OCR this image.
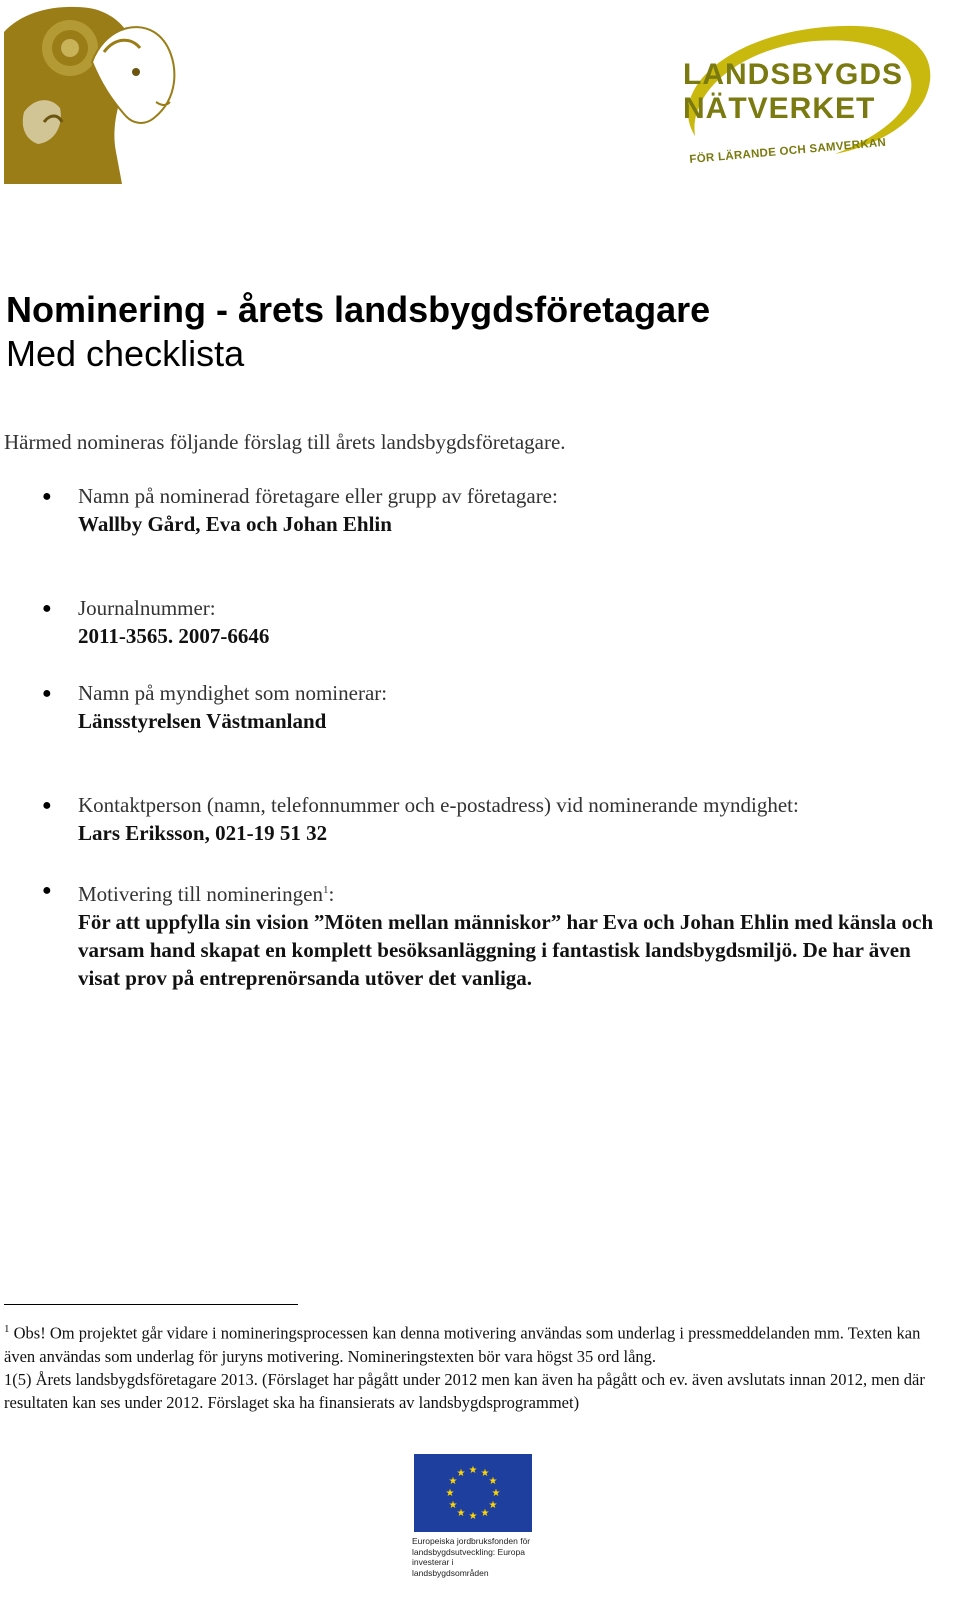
LANDSBYGDS
NÄTVERKET
FÖR LÄRANDE OCH SAMVERKAN
Nominering - årets landsbygdsföretagare
Med checklista
Härmed nomineras följande förslag till årets landsbygdsföretagare.
● Namn på nominerad företagare eller grupp av företagare:
Wallby Gård, Eva och Johan Ehlin
● Journalnummer:
2011-3565. 2007-6646
● Namn på myndighet som nominerar:
Länsstyrelsen Västmanland
● Kontaktperson (namn, telefonnummer och e-postadress) vid nominerande myndighet:
Lars Eriksson, 021-19 51 32
● Motivering till nomineringen$^1$:
För att uppfylla sin vision ”Möten mellan människor” har Eva och Johan Ehlin med känsla och varsam hand skapat en komplett besöksanläggning i fantastisk landsbygdsmiljö. De har även visat prov på entreprenörsanda utöver det vanliga.

$^1$ Obs! Om projektet går vidare i nomineringsprocessen kan denna motivering användas som underlag i pressmeddelanden mm. Texten kan även användas som underlag för juryns motivering. Nomineringstexten bör vara högst 35 ord lång.

1(5) Årets landsbygdsföretagare 2013. (Förslaget har pågått under 2012 men kan även ha pågått och ev. även avslutats innan 2012, men där resultaten kan ses under 2012. Förslaget ska ha finansierats av landsbygdsprogrammet)

★ ★
★
★
★
★
★
★
★
★
★
★
Europeiska jordbruksfonden för landsbygdsutveckling: Europa investerar i landsbygdsområden
